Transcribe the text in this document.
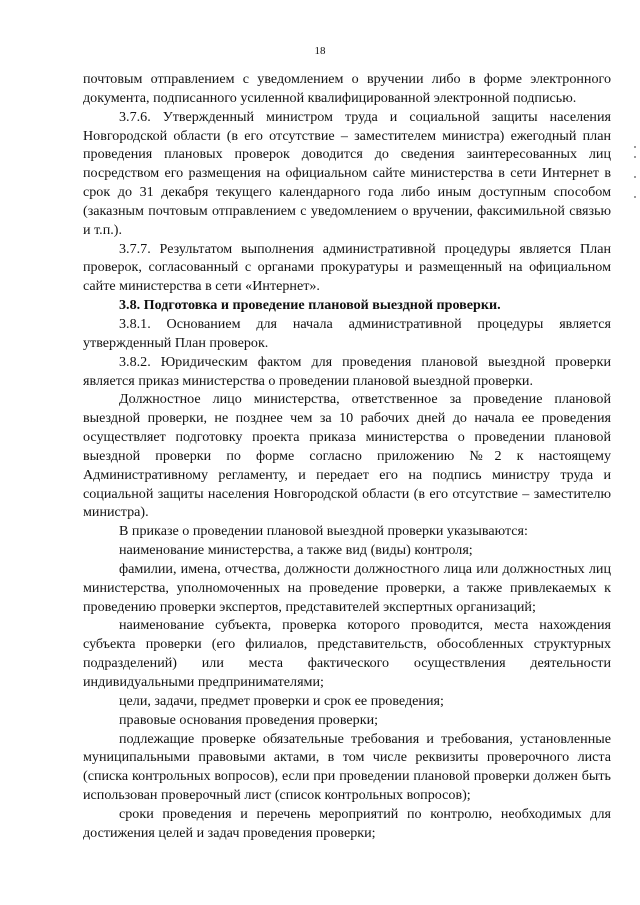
18

почтовым отправлением с уведомлением о вручении либо в форме электронного документа, подписанного усиленной квалифицированной электронной подписью.

3.7.6. Утвержденный министром труда и социальной защиты населения Новгородской области (в его отсутствие – заместителем министра) ежегодный план проведения плановых проверок доводится до сведения заинтересованных лиц посредством его размещения на официальном сайте министерства в сети Интернет в срок до 31 декабря текущего календарного года либо иным доступным способом (заказным почтовым отправлением с уведомлением о вручении, факсимильной связью и т.п.).

3.7.7. Результатом выполнения административной процедуры является План проверок, согласованный с органами прокуратуры и размещенный на официальном сайте министерства в сети «Интернет».

3.8. Подготовка и проведение плановой выездной проверки.

3.8.1. Основанием для начала административной процедуры является утвержденный План проверок.

3.8.2. Юридическим фактом для проведения плановой выездной проверки является приказ министерства о проведении плановой выездной проверки.

Должностное лицо министерства, ответственное за проведение плановой выездной проверки, не позднее чем за 10 рабочих дней до начала ее проведения осуществляет подготовку проекта приказа министерства о проведении плановой выездной проверки по форме согласно приложению №2 к настоящему Административному регламенту, и передает его на подпись министру труда и социальной защиты населения Новгородской области (в его отсутствие – заместителю министра).

В приказе о проведении плановой выездной проверки указываются:

наименование министерства, а также вид (виды) контроля;

фамилии, имена, отчества, должности должностного лица или должностных лиц министерства, уполномоченных на проведение проверки, а также привлекаемых к проведению проверки экспертов, представителей экспертных организаций;

наименование субъекта, проверка которого проводится, места нахождения субъекта проверки (его филиалов, представительств, обособленных структурных подразделений) или места фактического осуществления деятельности индивидуальными предпринимателями;

цели, задачи, предмет проверки и срок ее проведения;

правовые основания проведения проверки;

подлежащие проверке обязательные требования и требования, установленные муниципальными правовыми актами, в том числе реквизиты проверочного листа (списка контрольных вопросов), если при проведении плановой проверки должен быть использован проверочный лист (список контрольных вопросов);

сроки проведения и перечень мероприятий по контролю, необходимых для достижения целей и задач проведения проверки;
